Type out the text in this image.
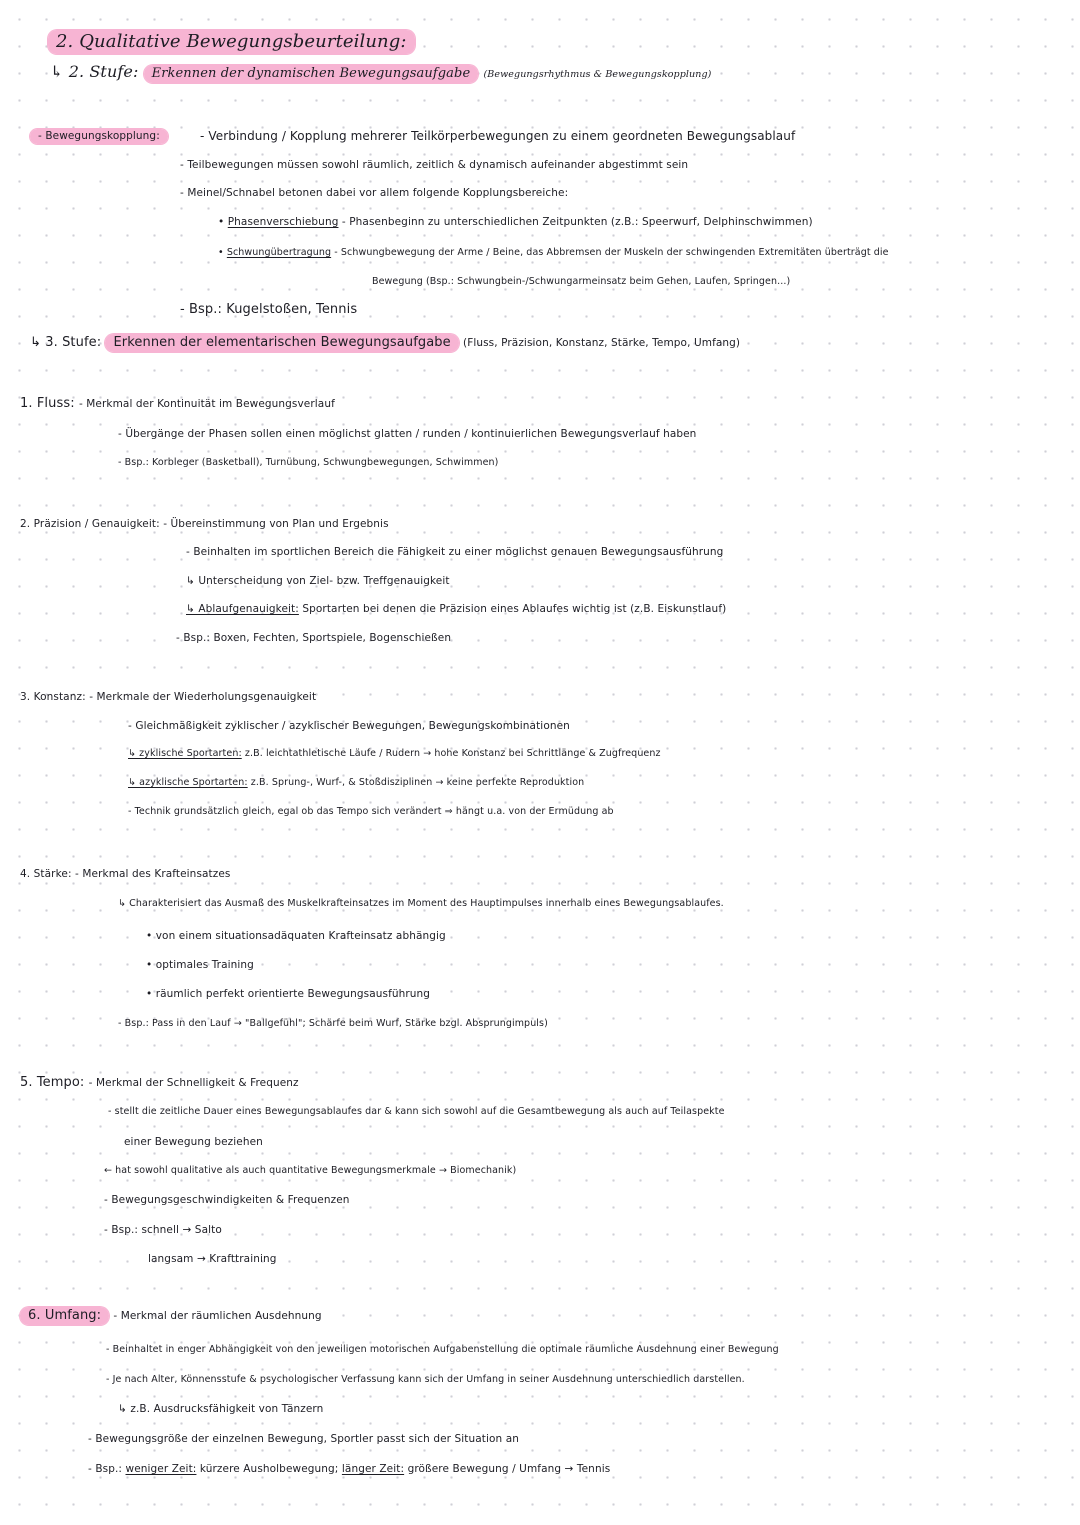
2. Qualitative Bewegungsbeurteilung:
↳ 2. Stufe: Erkennen der dynamischen Bewegungsaufgabe (Bewegungsrhythmus & Bewegungskopplung)
- Bewegungskopplung:	- Verbindung / Kopplung mehrerer Teilkörperbewegungen zu einem geordneten Bewegungsablauf
- Teilbewegungen müssen sowohl räumlich, zeitlich & dynamisch aufeinander abgestimmt sein
- Meinel/Schnabel betonen dabei vor allem folgende Kopplungsbereiche:
• Phasenverschiebung - Phasenbeginn zu unterschiedlichen Zeitpunkten (z.B.: Speerwurf, Delphinschwimmen)
• Schwungübertragung - Schwungbewegung der Arme / Beine, das Abbremsen der Muskeln der schwingenden Extremitäten überträgt die
Bewegung (Bsp.: Schwungbein-/Schwungarmeinsatz beim Gehen, Laufen, Springen...)
- Bsp.: Kugelstoßen, Tennis
↳ 3. Stufe: Erkennen der elementarischen Bewegungsaufgabe (Fluss, Präzision, Konstanz, Stärke, Tempo, Umfang)
1. Fluss: - Merkmal der Kontinuität im Bewegungsverlauf
- Übergänge der Phasen sollen einen möglichst glatten / runden / kontinuierlichen Bewegungsverlauf haben
- Bsp.: Korbleger (Basketball), Turnübung, Schwungbewegungen, Schwimmen)
2. Präzision / Genauigkeit: - Übereinstimmung von Plan und Ergebnis
- Beinhalten im sportlichen Bereich die Fähigkeit zu einer möglichst genauen Bewegungsausführung
↳ Unterscheidung von Ziel- bzw. Treffgenauigkeit
↳ Ablaufgenauigkeit: Sportarten bei denen die Präzision eines Ablaufes wichtig ist (z.B. Eiskunstlauf)
- Bsp.: Boxen, Fechten, Sportspiele, Bogenschießen
3. Konstanz: - Merkmale der Wiederholungsgenauigkeit
- Gleichmäßigkeit zyklischer / azyklischer Bewegungen, Bewegungskombinationen
↳ zyklische Sportarten: z.B. leichtathletische Läufe / Rudern → hohe Konstanz bei Schrittlänge & Zugfrequenz
↳ azyklische Sportarten: z.B. Sprung-, Wurf-, & Stoßdisziplinen → keine perfekte Reproduktion
- Technik grundsätzlich gleich, egal ob das Tempo sich verändert ⇒ hängt u.a. von der Ermüdung ab
4. Stärke: - Merkmal des Krafteinsatzes
↳ Charakterisiert das Ausmaß des Muskelkrafteinsatzes im Moment des Hauptimpulses innerhalb eines Bewegungsablaufes.
• von einem situationsadäquaten Krafteinsatz abhängig
• optimales Training
• räumlich perfekt orientierte Bewegungsausführung
- Bsp.: Pass in den Lauf → "Ballgefühl"; Schärfe beim Wurf, Stärke bzgl. Absprungimpuls)
5. Tempo: - Merkmal der Schnelligkeit & Frequenz
- stellt die zeitliche Dauer eines Bewegungsablaufes dar & kann sich sowohl auf die Gesamtbewegung als auch auf Teilaspekte
einer Bewegung beziehen
← hat sowohl qualitative als auch quantitative Bewegungsmerkmale → Biomechanik)
- Bewegungsgeschwindigkeiten & Frequenzen
- Bsp.: schnell → Salto
langsam → Krafttraining
6. Umfang: - Merkmal der räumlichen Ausdehnung
- Beinhaltet in enger Abhängigkeit von den jeweiligen motorischen Aufgabenstellung die optimale räumliche Ausdehnung einer Bewegung
- Je nach Alter, Könnensstufe & psychologischer Verfassung kann sich der Umfang in seiner Ausdehnung unterschiedlich darstellen.
↳ z.B. Ausdrucksfähigkeit von Tänzern
- Bewegungsgröße der einzelnen Bewegung, Sportler passt sich der Situation an
- Bsp.: weniger Zeit: kürzere Ausholbewegung; länger Zeit: größere Bewegung / Umfang → Tennis
